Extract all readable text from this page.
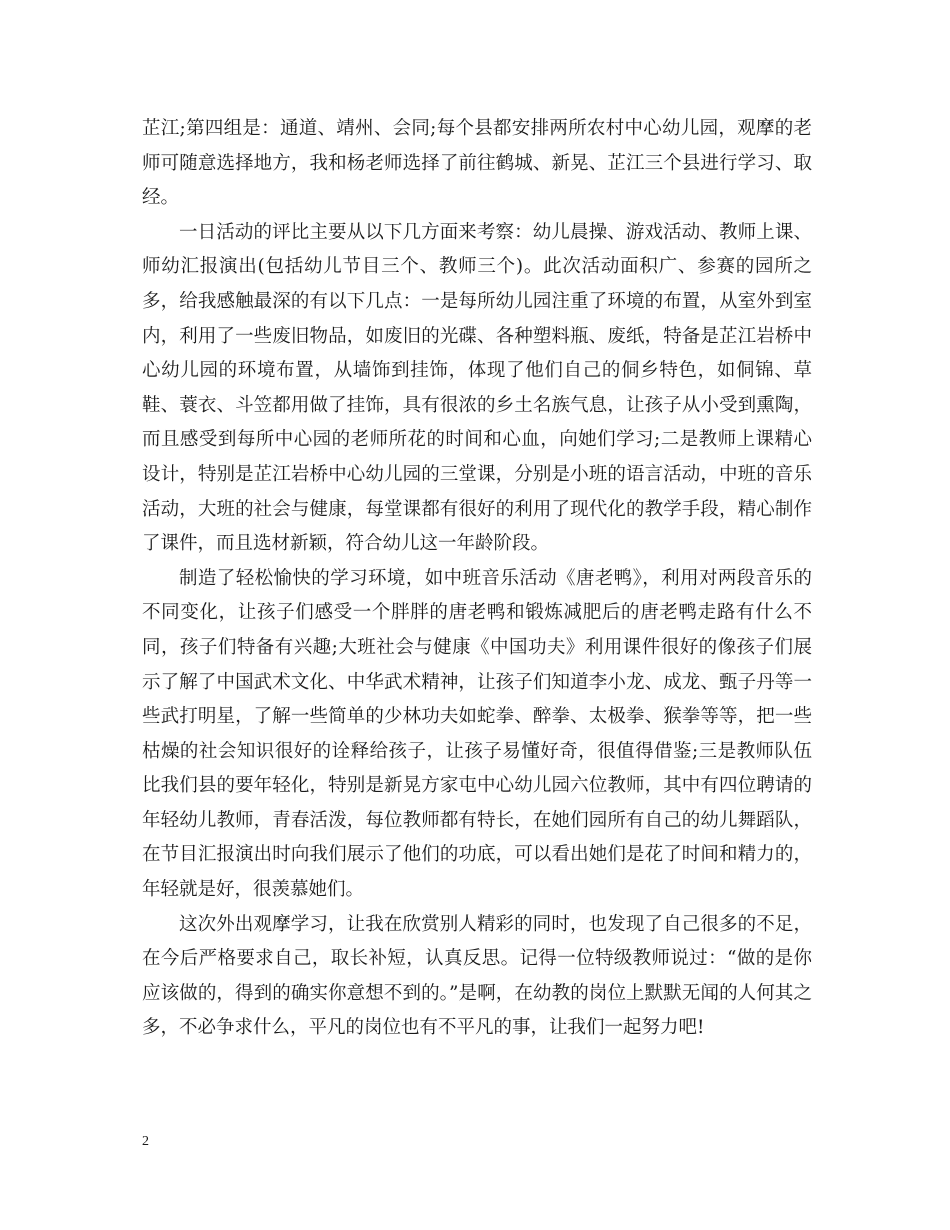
芷江;第四组是：通道、靖州、会同;每个县都安排两所农村中心幼儿园，观摩的老师可随意选择地方，我和杨老师选择了前往鹤城、新晃、芷江三个县进行学习、取经。

一日活动的评比主要从以下几方面来考察：幼儿晨操、游戏活动、教师上课、师幼汇报演出(包括幼儿节目三个、教师三个)。此次活动面积广、参赛的园所之多，给我感触最深的有以下几点：一是每所幼儿园注重了环境的布置，从室外到室内，利用了一些废旧物品，如废旧的光碟、各种塑料瓶、废纸，特备是芷江岩桥中心幼儿园的环境布置，从墙饰到挂饰，体现了他们自己的侗乡特色，如侗锦、草鞋、蓑衣、斗笠都用做了挂饰，具有很浓的乡土名族气息，让孩子从小受到熏陶，而且感受到每所中心园的老师所花的时间和心血，向她们学习;二是教师上课精心设计，特别是芷江岩桥中心幼儿园的三堂课，分别是小班的语言活动，中班的音乐活动，大班的社会与健康，每堂课都有很好的利用了现代化的教学手段，精心制作了课件，而且选材新颖，符合幼儿这一年龄阶段。

制造了轻松愉快的学习环境，如中班音乐活动《唐老鸭》，利用对两段音乐的不同变化，让孩子们感受一个胖胖的唐老鸭和锻炼减肥后的唐老鸭走路有什么不同，孩子们特备有兴趣;大班社会与健康《中国功夫》利用课件很好的像孩子们展示了解了中国武术文化、中华武术精神，让孩子们知道李小龙、成龙、甄子丹等一些武打明星，了解一些简单的少林功夫如蛇拳、醉拳、太极拳、猴拳等等，把一些枯燥的社会知识很好的诠释给孩子，让孩子易懂好奇，很值得借鉴;三是教师队伍比我们县的要年轻化，特别是新晃方家屯中心幼儿园六位教师，其中有四位聘请的年轻幼儿教师，青春活泼，每位教师都有特长，在她们园所有自己的幼儿舞蹈队，在节目汇报演出时向我们展示了他们的功底，可以看出她们是花了时间和精力的，年轻就是好，很羡慕她们。

这次外出观摩学习，让我在欣赏别人精彩的同时，也发现了自己很多的不足，在今后严格要求自己，取长补短，认真反思。记得一位特级教师说过：“做的是你应该做的，得到的确实你意想不到的。”是啊，在幼教的岗位上默默无闻的人何其之多，不必争求什么，平凡的岗位也有不平凡的事，让我们一起努力吧!

2
